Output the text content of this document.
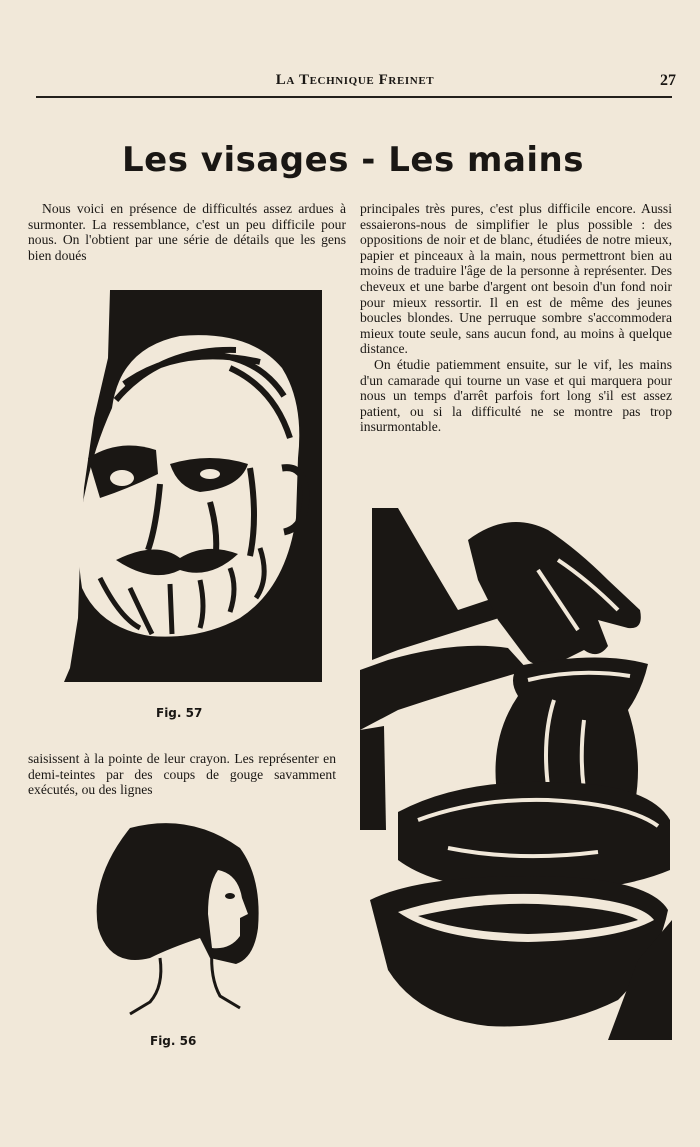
La Technique Freinet	27
Les visages - Les mains

Nous voici en présence de difficultés assez ardues à surmonter. La ressemblance, c'est un peu difficile pour nous. On l'obtient par une série de détails que les gens bien doués

principales très pures, c'est plus difficile encore. Aussi essaierons-nous de simplifier le plus possible : des oppositions de noir et de blanc, étudiées de notre mieux, papier et pinceaux à la main, nous permettront bien au moins de traduire l'âge de la personne à représenter. Des cheveux et une barbe d'argent ont besoin d'un fond noir pour mieux ressortir. Il en est de même des jeunes boucles blondes. Une perruque sombre s'accommodera mieux toute seule, sans aucun fond, au moins à quelque distance.

On étudie patiemment ensuite, sur le vif, les mains d'un camarade qui tourne un vase et qui marquera pour nous un temps d'arrêt parfois fort long s'il est assez patient, ou si la difficulté ne se montre pas trop insurmontable.

Fig. 57

saisissent à la pointe de leur crayon. Les représenter en demi-teintes par des coups de gouge savamment exécutés, ou des lignes

Fig. 56
